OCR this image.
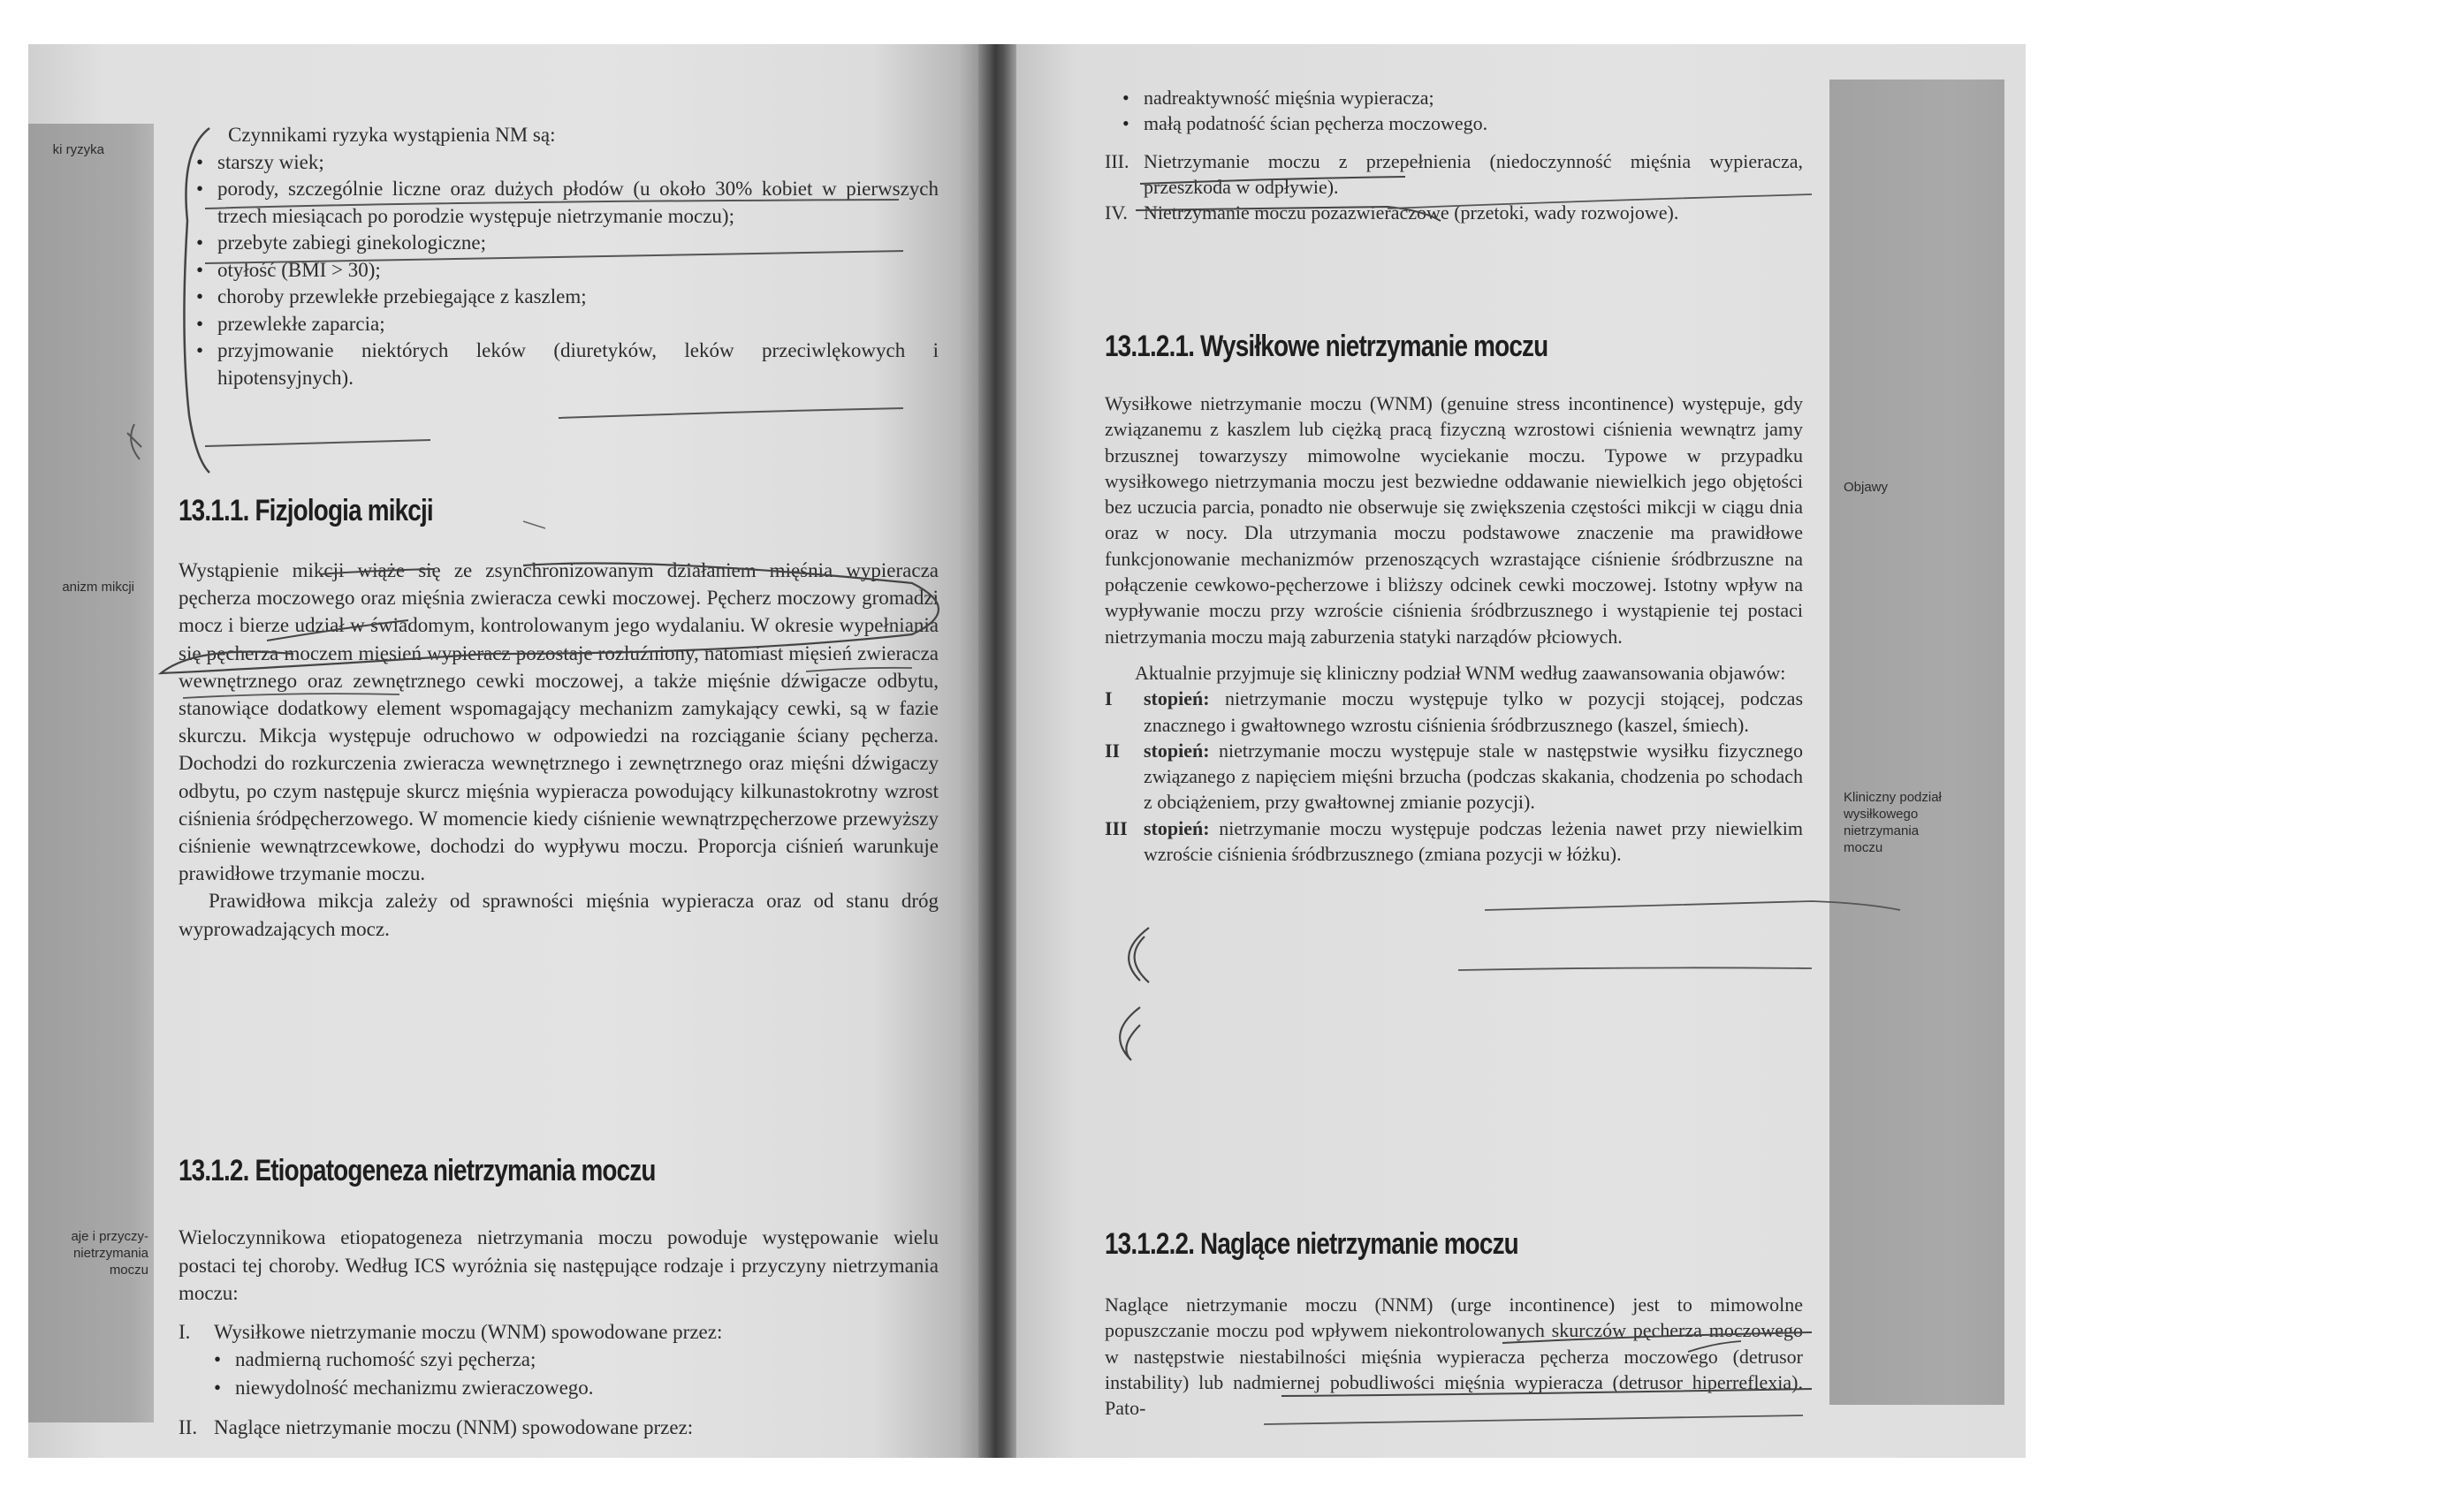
ki ryzyka
anizm mikcji
aje i przyczy-
nietrzymania
moczu

Czynnikami ryzyka wystąpienia NM są:

• starszy wiek;
• porody, szczególnie liczne oraz dużych płodów (u około 30% kobiet w pierwszych trzech miesiącach po porodzie występuje nietrzymanie moczu);
• przebyte zabiegi ginekologiczne;
• otyłość (BMI > 30);
• choroby przewlekłe przebiegające z kaszlem;
• przewlekłe zaparcia;
• przyjmowanie niektórych leków (diuretyków, leków przeciwlękowych i hipotensyjnych).
13.1.1. Fizjologia mikcji

Wystąpienie mikcji wiąże się ze zsynchronizowanym działaniem mięśnia wypieracza pęcherza moczowego oraz mięśnia zwieracza cewki moczowej. Pęcherz moczowy gromadzi mocz i bierze udział w świadomym, kontrolowanym jego wydalaniu. W okresie wypełniania się pęcherza moczem mięsień wypieracz pozostaje rozluźniony, natomiast mięsień zwieracza wewnętrznego oraz zewnętrznego cewki moczowej, a także mięśnie dźwigacze odbytu, stanowiące dodatkowy element wspomagający mechanizm zamykający cewki, są w fazie skurczu. Mikcja występuje odruchowo w odpowiedzi na rozciąganie ściany pęcherza. Dochodzi do rozkurczenia zwieracza wewnętrznego i zewnętrznego oraz mięśni dźwigaczy odbytu, po czym następuje skurcz mięśnia wypieracza powodujący kilkunastokrotny wzrost ciśnienia śródpęcherzowego. W momencie kiedy ciśnienie wewnątrzpęcherzowe przewyższy ciśnienie wewnątrzcewkowe, dochodzi do wypływu moczu. Proporcja ciśnień warunkuje prawidłowe trzymanie moczu.

Prawidłowa mikcja zależy od sprawności mięśnia wypieracza oraz od stanu dróg wyprowadzających mocz.

13.1.2. Etiopatogeneza nietrzymania moczu

Wieloczynnikowa etiopatogeneza nietrzymania moczu powoduje występowanie wielu postaci tej choroby. Według ICS wyróżnia się następujące rodzaje i przyczyny nietrzymania moczu:

I. Wysiłkowe nietrzymanie moczu (WNM) spowodowane przez:
• nadmierną ruchomość szyi pęcherza;
• niewydolność mechanizmu zwieraczowego.
II. Naglące nietrzymanie moczu (NNM) spowodowane przez:
Objawy
Kliniczny podział
wysiłkowego
nietrzymania
moczu
• nadreaktywność mięśnia wypieracza;
• małą podatność ścian pęcherza moczowego.
III. Nietrzymanie moczu z przepełnienia (niedoczynność mięśnia wypieracza, przeszkoda w odpływie).
IV. Nietrzymanie moczu pozazwieraczowe (przetoki, wady rozwojowe).
13.1.2.1. Wysiłkowe nietrzymanie moczu

Wysiłkowe nietrzymanie moczu (WNM) (genuine stress incontinence) występuje, gdy związanemu z kaszlem lub ciężką pracą fizyczną wzrostowi ciśnienia wewnątrz jamy brzusznej towarzyszy mimowolne wyciekanie moczu. Typowe w przypadku wysiłkowego nietrzymania moczu jest bezwiedne oddawanie niewielkich jego objętości bez uczucia parcia, ponadto nie obserwuje się zwiększenia częstości mikcji w ciągu dnia oraz w nocy. Dla utrzymania moczu podstawowe znaczenie ma prawidłowe funkcjonowanie mechanizmów przenoszących wzrastające ciśnienie śródbrzuszne na połączenie cewkowo-pęcherzowe i bliższy odcinek cewki moczowej. Istotny wpływ na wypływanie moczu przy wzroście ciśnienia śródbrzusznego i wystąpienie tej postaci nietrzymania moczu mają zaburzenia statyki narządów płciowych.

Aktualnie przyjmuje się kliniczny podział WNM według zaawansowania objawów:

I stopień: nietrzymanie moczu występuje tylko w pozycji stojącej, podczas znacznego i gwałtownego wzrostu ciśnienia śródbrzusznego (kaszel, śmiech).
II stopień: nietrzymanie moczu występuje stale w następstwie wysiłku fizycznego związanego z napięciem mięśni brzucha (podczas skakania, chodzenia po schodach z obciążeniem, przy gwałtownej zmianie pozycji).
III stopień: nietrzymanie moczu występuje podczas leżenia nawet przy niewielkim wzroście ciśnienia śródbrzusznego (zmiana pozycji w łóżku).
13.1.2.2. Naglące nietrzymanie moczu

Naglące nietrzymanie moczu (NNM) (urge incontinence) jest to mimowolne popuszczanie moczu pod wpływem niekontrolowanych skurczów pęcherza moczowego w następstwie niestabilności mięśnia wypieracza pęcherza moczowego (detrusor instability) lub nadmiernej pobudliwości mięśnia wypieracza (detrusor hiperreflexia). Pato-
